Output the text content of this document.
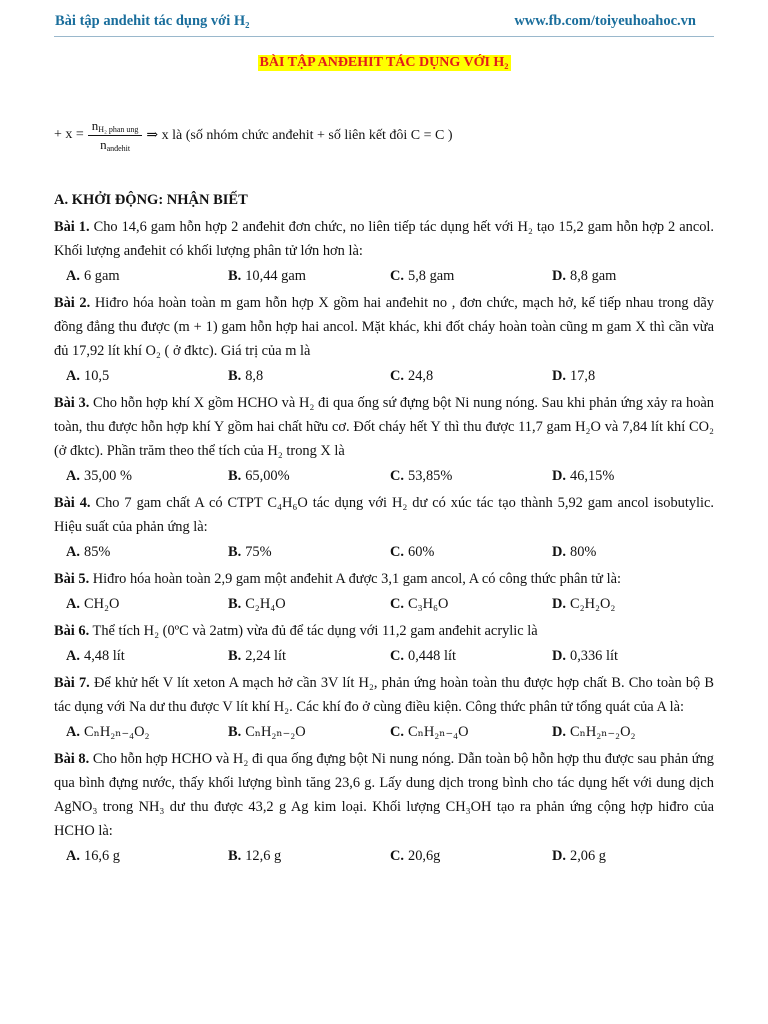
Bài tập andehit tác dụng với H₂	www.fb.com/toiyeuhoahoc.vn
BÀI TẬP ANĐEHIT TÁC DỤNG VỚI H₂
+ $x = \frac{n_{H_2 phan ung}}{n_{anđehit}}$ ⇒ x là (số nhóm chức anđehit + số liên kết đôi C = C )
A. KHỞI ĐỘNG: NHẬN BIẾT
Bài 1. Cho 14,6 gam hỗn hợp 2 anđehit đơn chức, no liên tiếp tác dụng hết với H₂ tạo 15,2 gam hỗn hợp 2 ancol. Khối lượng anđehit có khối lượng phân tử lớn hơn là:
A. 6 gam	B. 10,44 gam	C. 5,8 gam	D. 8,8 gam
Bài 2. Hiđro hóa hoàn toàn m gam hỗn hợp X gồm hai anđehit no , đơn chức, mạch hở, kế tiếp nhau trong dãy đồng đẳng thu được (m + 1) gam hỗn hợp hai ancol. Mặt khác, khi đốt cháy hoàn toàn cũng m gam X thì cần vừa đủ 17,92 lít khí O₂ ( ở đktc). Giá trị của m là
A. 10,5	B. 8,8	C. 24,8	D. 17,8
Bài 3. Cho hỗn hợp khí X gồm HCHO và H₂ đi qua ống sứ đựng bột Ni nung nóng. Sau khi phản ứng xảy ra hoàn toàn, thu được hỗn hợp khí Y gồm hai chất hữu cơ. Đốt cháy hết Y thì thu được 11,7 gam H₂O và 7,84 lít khí CO₂ (ở đktc). Phần trăm theo thể tích của H₂ trong X là
A. 35,00 %	B. 65,00%	C. 53,85%	D. 46,15%
Bài 4. Cho 7 gam chất A có CTPT C₄H₆O tác dụng với H₂ dư có xúc tác tạo thành 5,92 gam ancol isobutylic. Hiệu suất của phản ứng là:
A. 85%	B. 75%	C. 60%	D. 80%
Bài 5. Hiđro hóa hoàn toàn 2,9 gam một anđehit A được 3,1 gam ancol, A có công thức phân tử là:
A. CH₂O	B. C₂H₄O	C. C₃H₆O	D. C₂H₂O₂
Bài 6. Thể tích H₂ (0ºC và 2atm) vừa đủ để tác dụng với 11,2 gam anđehit acrylic là
A. 4,48 lít	B. 2,24 lít	C. 0,448 lít	D. 0,336 lít
Bài 7. Để khử hết V lít xeton A mạch hở cần 3V lít H₂, phản ứng hoàn toàn thu được hợp chất B. Cho toàn bộ B tác dụng với Na dư thu được V lít khí H₂. Các khí đo ở cùng điều kiện. Công thức phân tử tổng quát của A là:
A. CₙH₂ₙ₋₄O₂	B. CₙH₂ₙ₋₂O	C. CₙH₂ₙ₋₄O	D. CₙH₂ₙ₋₂O₂
Bài 8. Cho hỗn hợp HCHO và H₂ đi qua ống đựng bột Ni nung nóng. Dẫn toàn bộ hỗn hợp thu được sau phản ứng qua bình đựng nước, thấy khối lượng bình tăng 23,6 g. Lấy dung dịch trong bình cho tác dụng hết với dung dịch AgNO₃ trong NH₃ dư thu được 43,2 g Ag kim loại. Khối lượng CH₃OH tạo ra phản ứng cộng hợp hiđro của HCHO là:
A. 16,6 g	B. 12,6 g	C. 20,6g	D. 2,06 g
